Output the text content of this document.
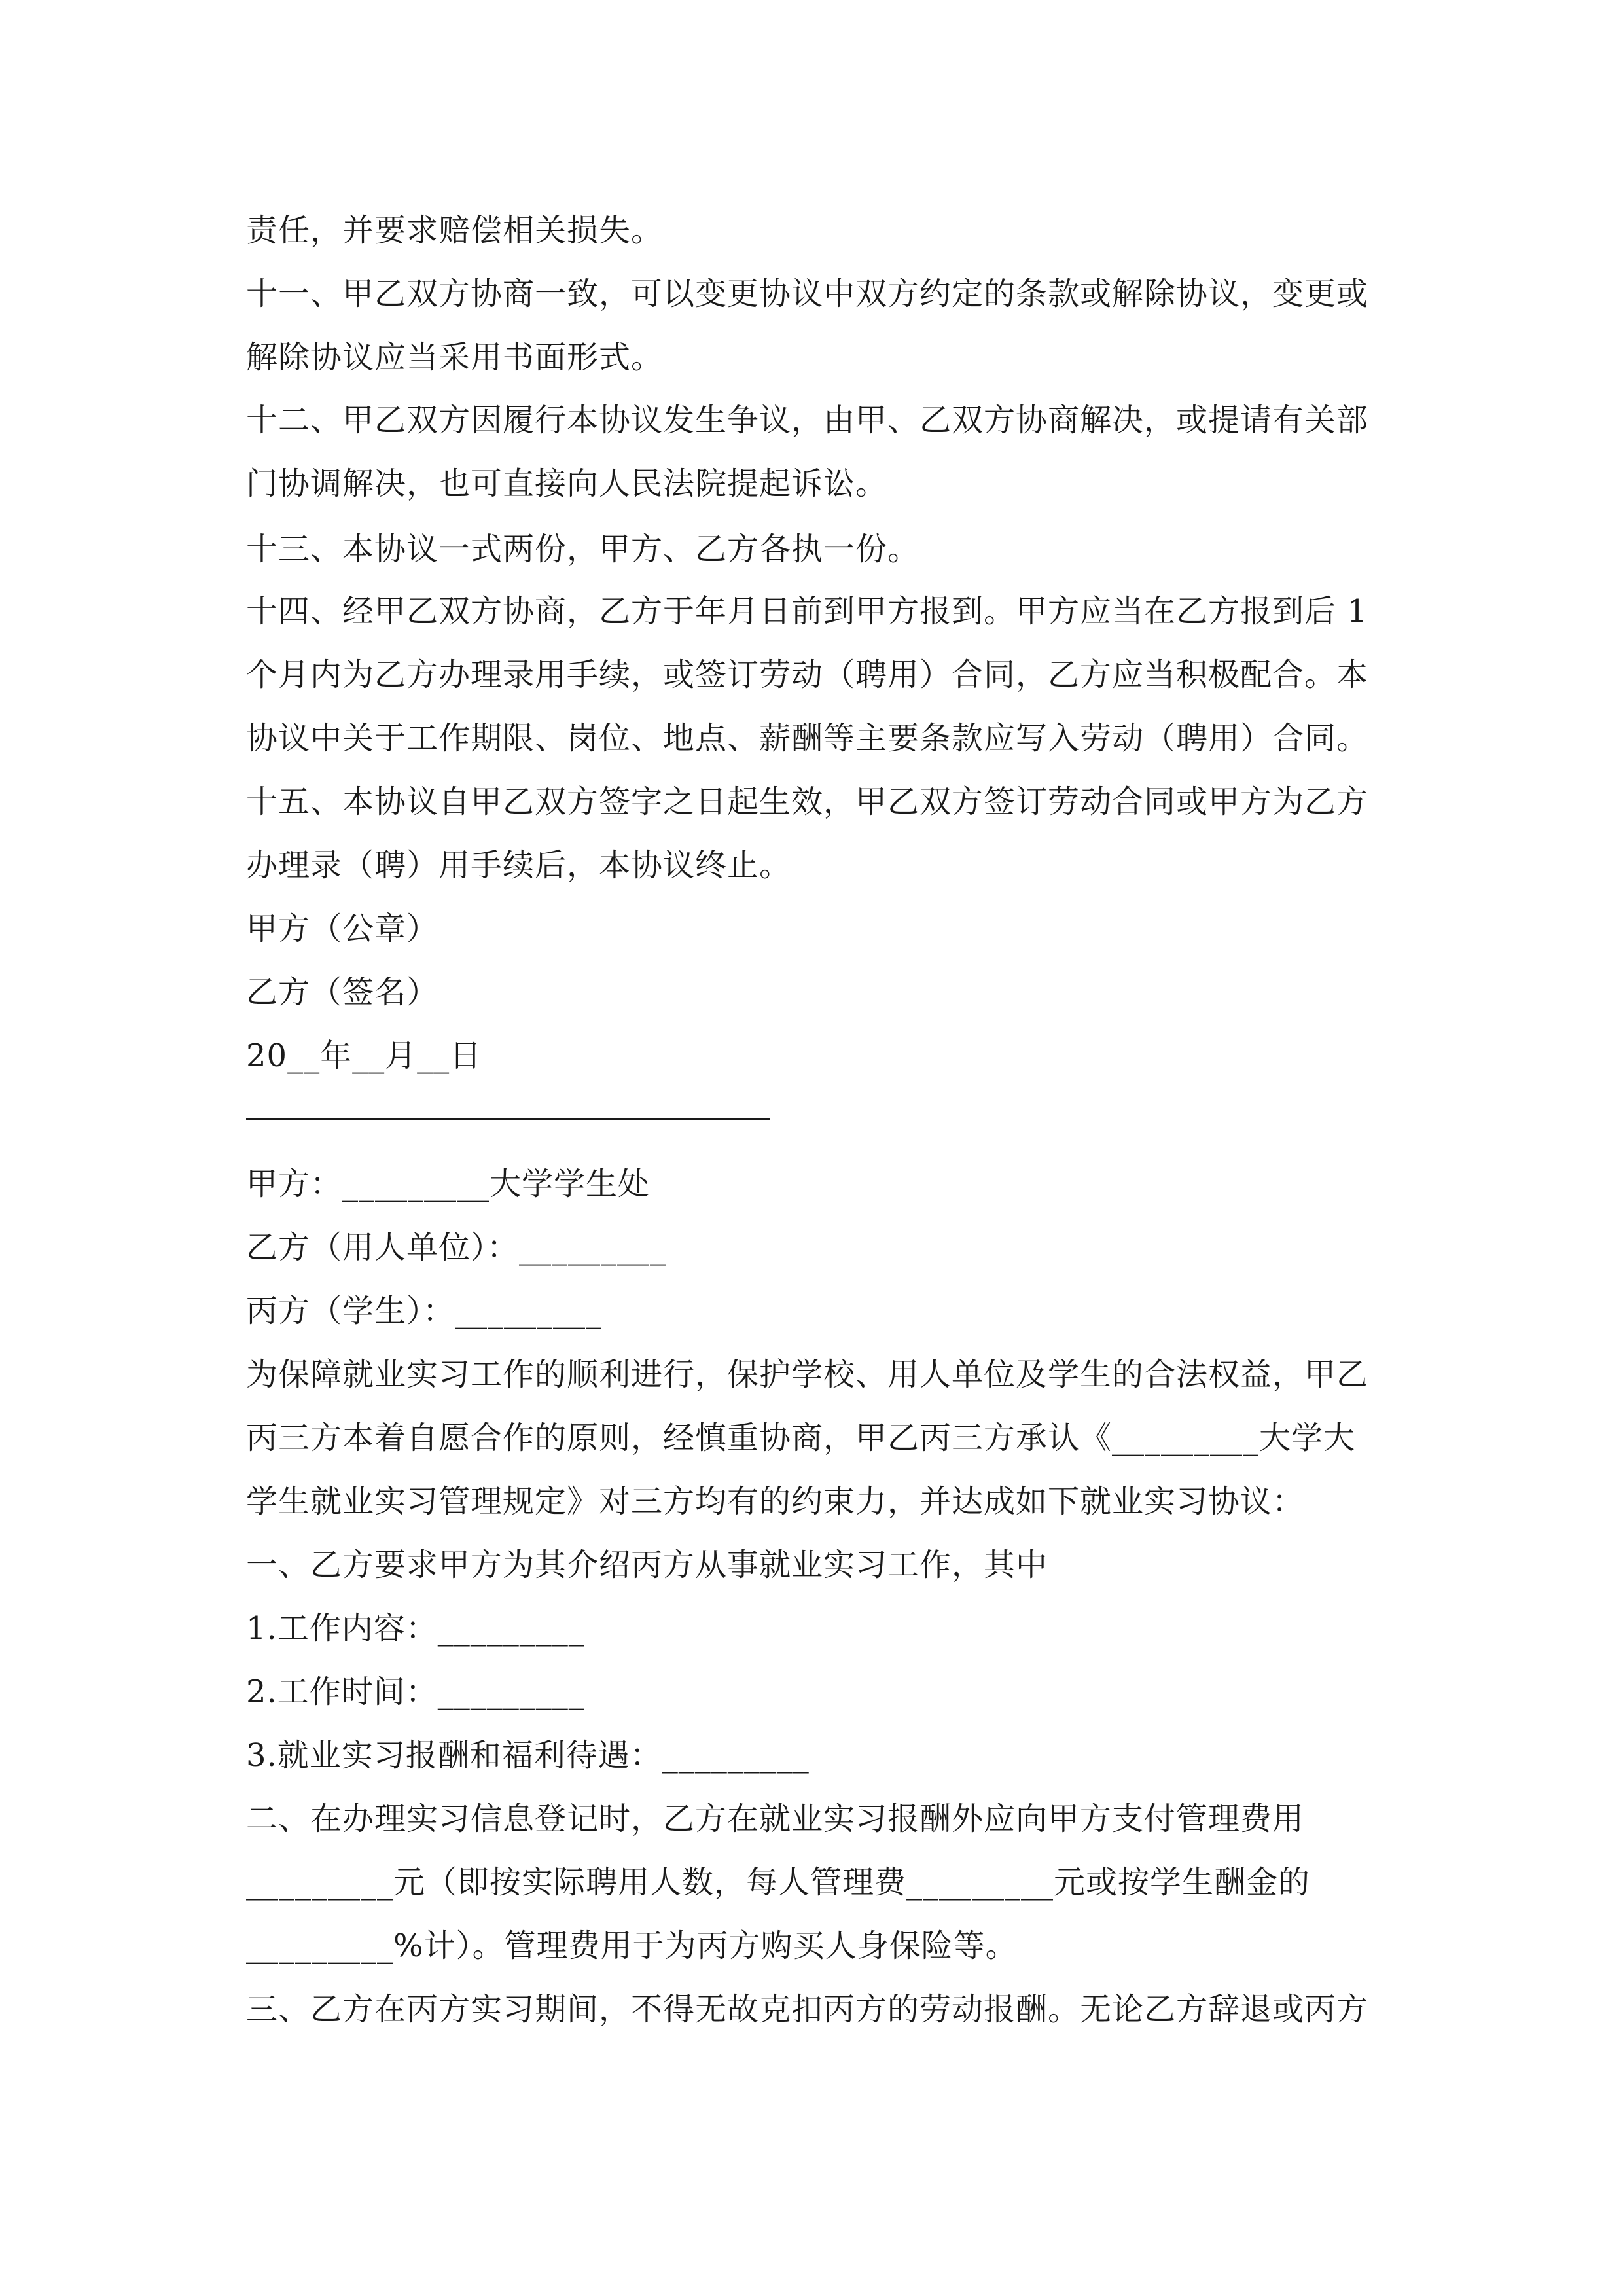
责任，并要求赔偿相关损失。
十一、甲乙双方协商一致，可以变更协议中双方约定的条款或解除协议，变更或
解除协议应当采用书面形式。
十二、甲乙双方因履行本协议发生争议，由甲、乙双方协商解决，或提请有关部
门协调解决，也可直接向人民法院提起诉讼。
十三、本协议一式两份，甲方、乙方各执一份。
十四、经甲乙双方协商，乙方于年月日前到甲方报到。甲方应当在乙方报到后 1
个月内为乙方办理录用手续，或签订劳动（聘用）合同，乙方应当积极配合。本
协议中关于工作期限、岗位、地点、薪酬等主要条款应写入劳动（聘用）合同。
十五、本协议自甲乙双方签字之日起生效，甲乙双方签订劳动合同或甲方为乙方
办理录（聘）用手续后，本协议终止。
甲方（公章）
乙方（签名）
20__年__月__日
甲方：_________大学学生处
乙方（用人单位）：_________
丙方（学生）：_________
为保障就业实习工作的顺利进行，保护学校、用人单位及学生的合法权益，甲乙
丙三方本着自愿合作的原则，经慎重协商，甲乙丙三方承认《_________大学大
学生就业实习管理规定》对三方均有的约束力，并达成如下就业实习协议：
一、乙方要求甲方为其介绍丙方从事就业实习工作，其中
1.工作内容：_________
2.工作时间：_________
3.就业实习报酬和福利待遇：_________
二、在办理实习信息登记时，乙方在就业实习报酬外应向甲方支付管理费用
_________元（即按实际聘用人数，每人管理费_________元或按学生酬金的
_________%计）。管理费用于为丙方购买人身保险等。
三、乙方在丙方实习期间，不得无故克扣丙方的劳动报酬。无论乙方辞退或丙方
